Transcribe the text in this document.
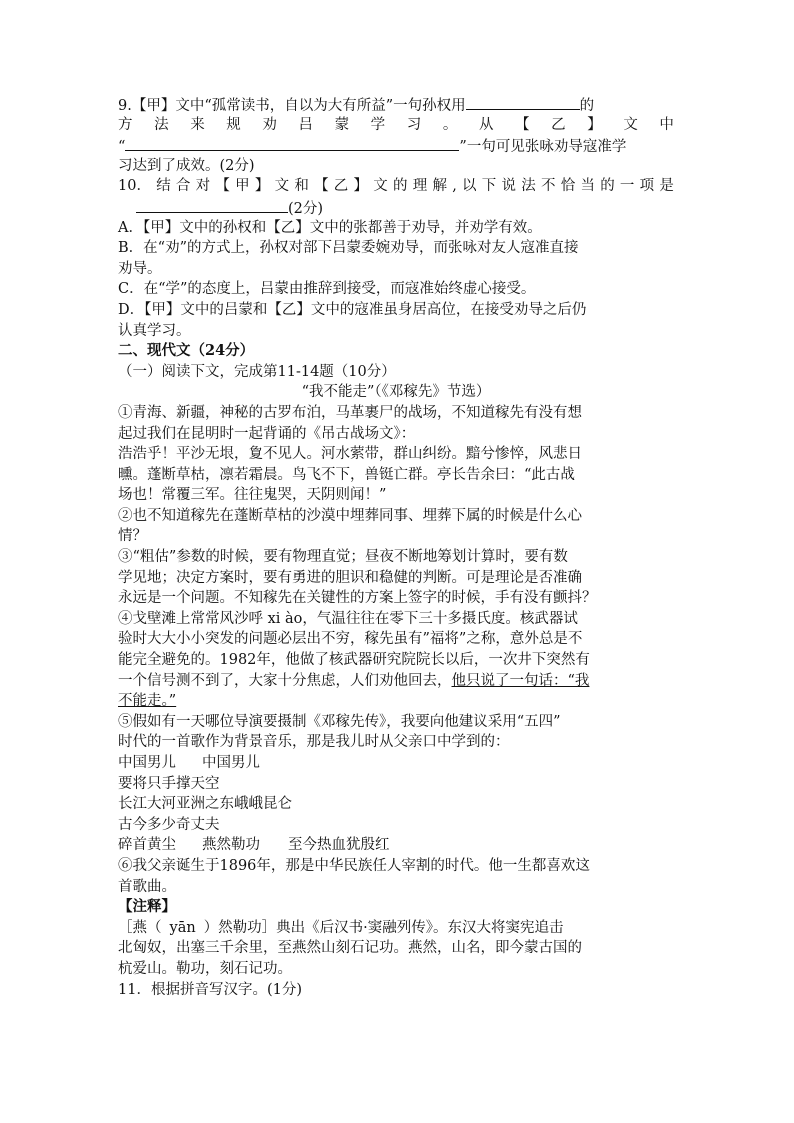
9.【甲】文中“孤常读书，自以为大有所益”一句孙权用	的
方 法 来 规 劝 吕 蒙 学 习 。 从 【 乙 】 文 中
“	”一句可见张咏劝导寇准学
习达到了成效。(2分)
10． 结 合 对 【 甲 】 文 和 【 乙 】 文 的 理 解 , 以 下 说 法 不 恰 当 的 一 项 是
(2分)
A．【甲】文中的孙权和【乙】文中的张都善于劝导，并劝学有效。
B．在“劝”的方式上，孙权对部下吕蒙委婉劝导，而张咏对友人寇准直接
劝导。
C．在“学”的态度上，吕蒙由推辞到接受，而寇准始终虚心接受。
D．【甲】文中的吕蒙和【乙】文中的寇准虽身居高位，在接受劝导之后仍
认真学习。
二、现代文（24分）
（一）阅读下文，完成第11-14题（10分）
“我不能走”（《邓稼先》节选）
①青海、新疆，神秘的古罗布泊，马革裹尸的战场，不知道稼先有没有想
起过我们在昆明时一起背诵的《吊古战场文》：
浩浩乎！平沙无垠，夐不见人。河水萦带，群山纠纷。黯兮惨悴，风悲日
曛。蓬断草枯，凛若霜晨。鸟飞不下，兽铤亡群。亭长告余曰：“此古战
场也！常覆三军。往往鬼哭，天阴则闻！”
②也不知道稼先在蓬断草枯的沙漠中埋葬同事、埋葬下属的时候是什么心
情？
③“粗估”参数的时候，要有物理直觉；昼夜不断地筹划计算时，要有数
学见地；决定方案时，要有勇进的胆识和稳健的判断。可是理论是否准确
永远是一个问题。不知稼先在关键性的方案上签字的时候，手有没有颤抖？
④戈壁滩上常常风沙呼 xi ào，气温往往在零下三十多摄氏度。核武器试
验时大大小小突发的问题必层出不穷，稼先虽有”福将”之称，意外总是不
能完全避免的。1982年，他做了核武器研究院院长以后，一次井下突然有
一个信号测不到了，大家十分焦虑，人们劝他回去，他只说了一句话：“我
不能走。”
⑤假如有一天哪位导演要摄制《邓稼先传》，我要向他建议采用“五四”
时代的一首歌作为背景音乐，那是我儿时从父亲口中学到的：
中国男儿 中国男儿
要将只手撑天空
长江大河亚洲之东峨峨昆仑
古今多少奇丈夫
碎首黄尘 燕然勒功 至今热血犹殷红
⑥我父亲诞生于1896年，那是中华民族任人宰割的时代。他一生都喜欢这
首歌曲。
【注释】
［燕（ yān ）然勒功］典出《后汉书·窦融列传》。东汉大将窦宪追击
北匈奴，出塞三千余里，至燕然山刻石记功。燕然，山名，即今蒙古国的
杭爱山。勒功，刻石记功。
11．根据拼音写汉字。(1分)
